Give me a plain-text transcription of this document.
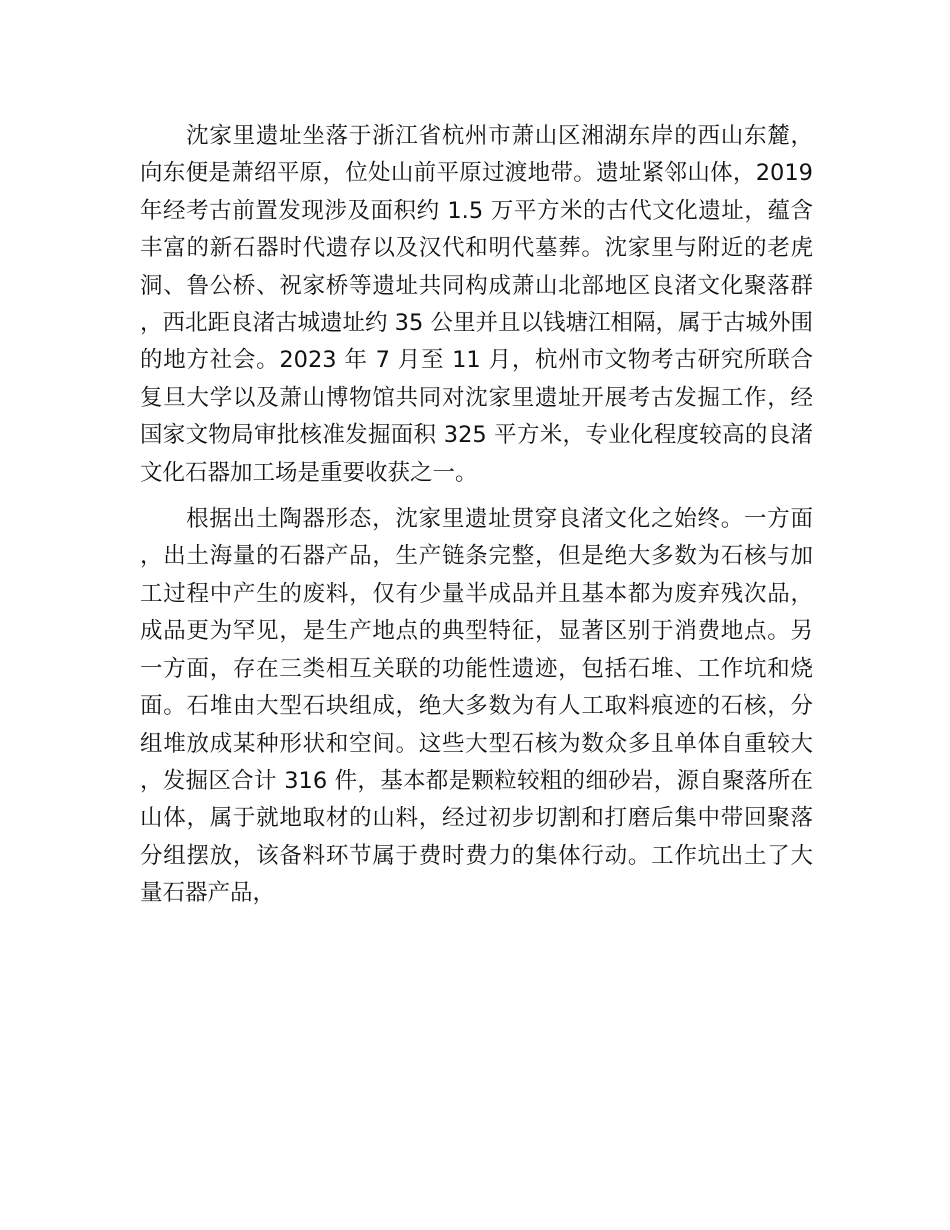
沈家里遗址坐落于浙江省杭州市萧山区湘湖东岸的西山东麓，向东便是萧绍平原，位处山前平原过渡地带。遗址紧邻山体，2019 年经考古前置发现涉及面积约 1.5 万平方米的古代文化遗址，蕴含丰富的新石器时代遗存以及汉代和明代墓葬。沈家里与附近的老虎洞、鲁公桥、祝家桥等遗址共同构成萧山北部地区良渚文化聚落群，西北距良渚古城遗址约 35 公里并且以钱塘江相隔，属于古城外围的地方社会。2023 年 7 月至 11 月，杭州市文物考古研究所联合复旦大学以及萧山博物馆共同对沈家里遗址开展考古发掘工作，经国家文物局审批核准发掘面积 325 平方米，专业化程度较高的良渚文化石器加工场是重要收获之一。

根据出土陶器形态，沈家里遗址贯穿良渚文化之始终。一方面，出土海量的石器产品，生产链条完整，但是绝大多数为石核与加工过程中产生的废料，仅有少量半成品并且基本都为废弃残次品，成品更为罕见，是生产地点的典型特征，显著区别于消费地点。另一方面，存在三类相互关联的功能性遗迹，包括石堆、工作坑和烧面。石堆由大型石块组成，绝大多数为有人工取料痕迹的石核，分组堆放成某种形状和空间。这些大型石核为数众多且单体自重较大，发掘区合计 316 件，基本都是颗粒较粗的细砂岩，源自聚落所在山体，属于就地取材的山料，经过初步切割和打磨后集中带回聚落分组摆放，该备料环节属于费时费力的集体行动。工作坑出土了大量石器产品，
